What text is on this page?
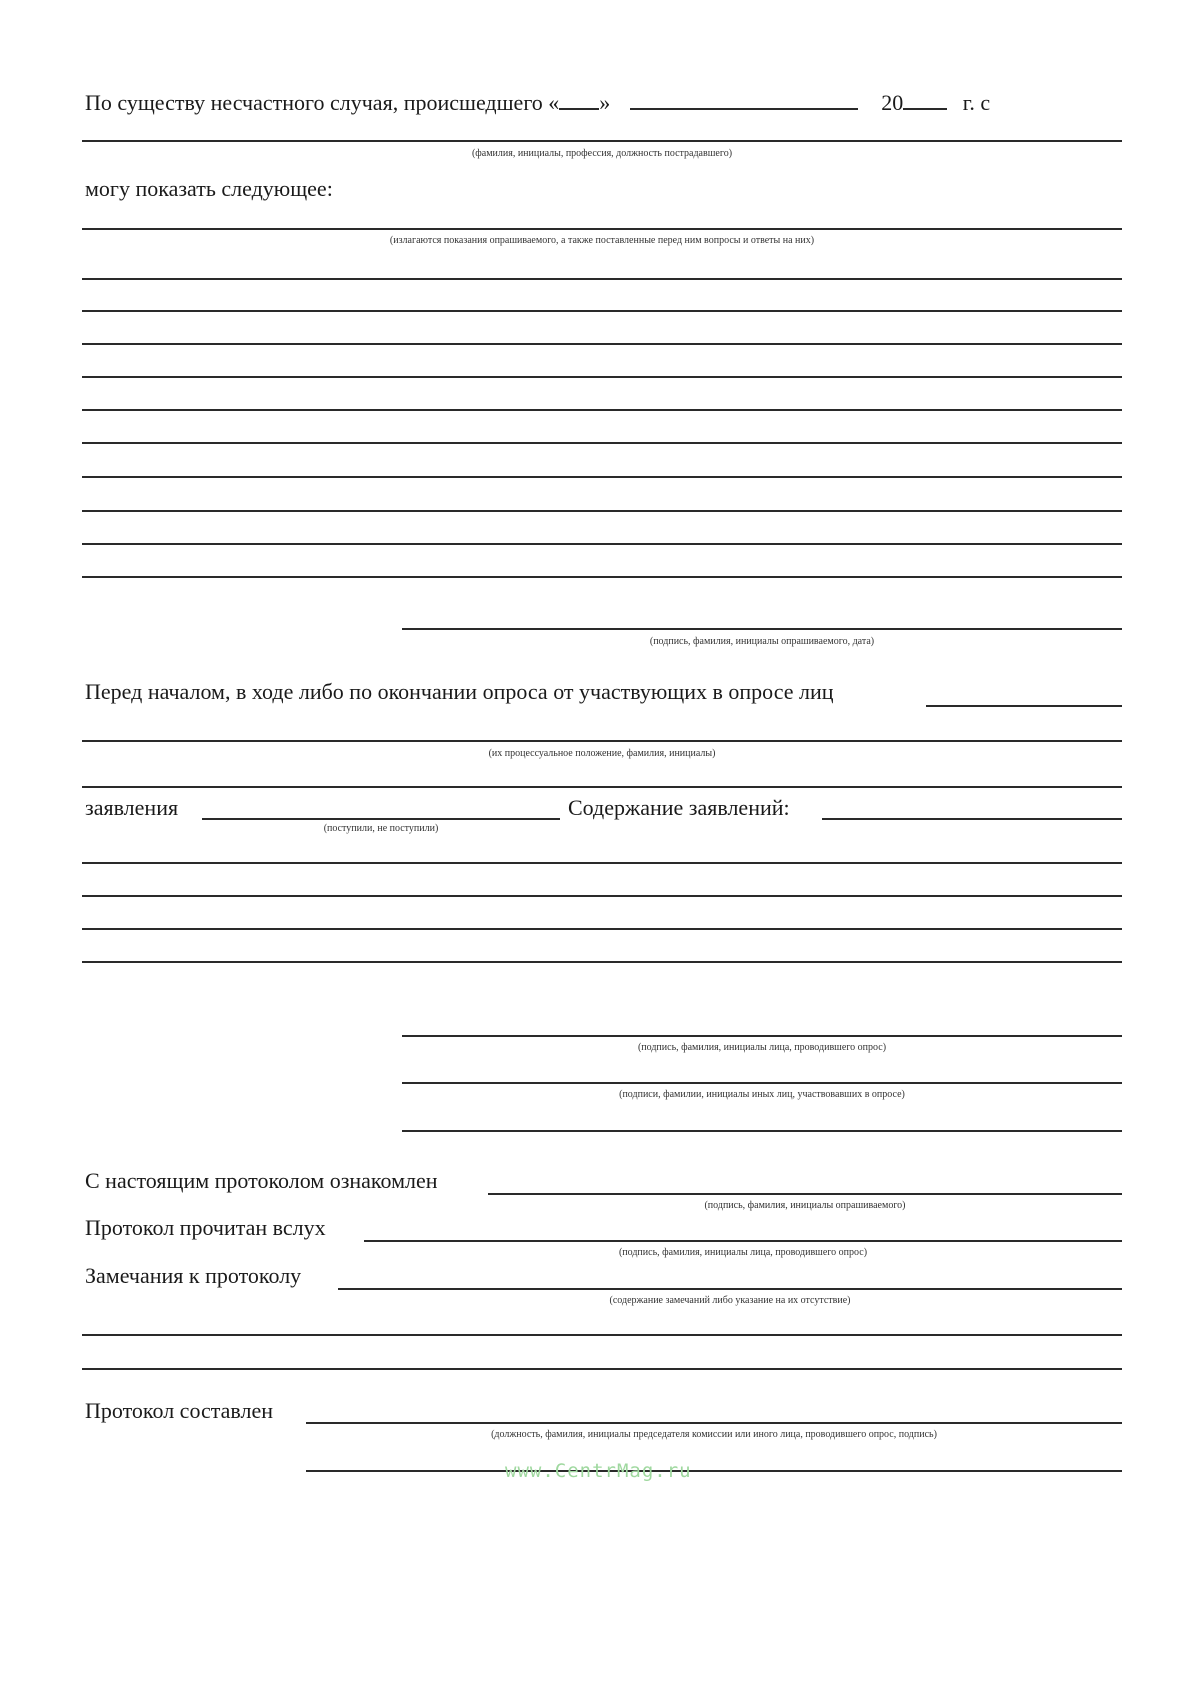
По существу несчастного случая, происшедшего « »	20	г. с
(фамилия, инициалы, профессия, должность пострадавшего)
могу показать следующее:
(излагаются показания опрашиваемого, а также поставленные перед ним вопросы и ответы на них)
(подпись, фамилия, инициалы опрашиваемого, дата)
Перед началом, в ходе либо по окончании опроса от участвующих в опросе лиц
(их процессуальное положение, фамилия, инициалы)
заявления
(поступили, не поступили)
Содержание заявлений:
(подпись, фамилия, инициалы лица, проводившего опрос)
(подписи, фамилии, инициалы иных лиц, участвовавших в опросе)
С настоящим протоколом ознакомлен
(подпись, фамилия, инициалы опрашиваемого)
Протокол прочитан вслух
(подпись, фамилия, инициалы лица, проводившего опрос)
Замечания к протоколу
(содержание замечаний либо указание на их отсутствие)
Протокол составлен
(должность, фамилия, инициалы председателя комиссии или иного лица, проводившего опрос, подпись)
www.CentrMag.ru
